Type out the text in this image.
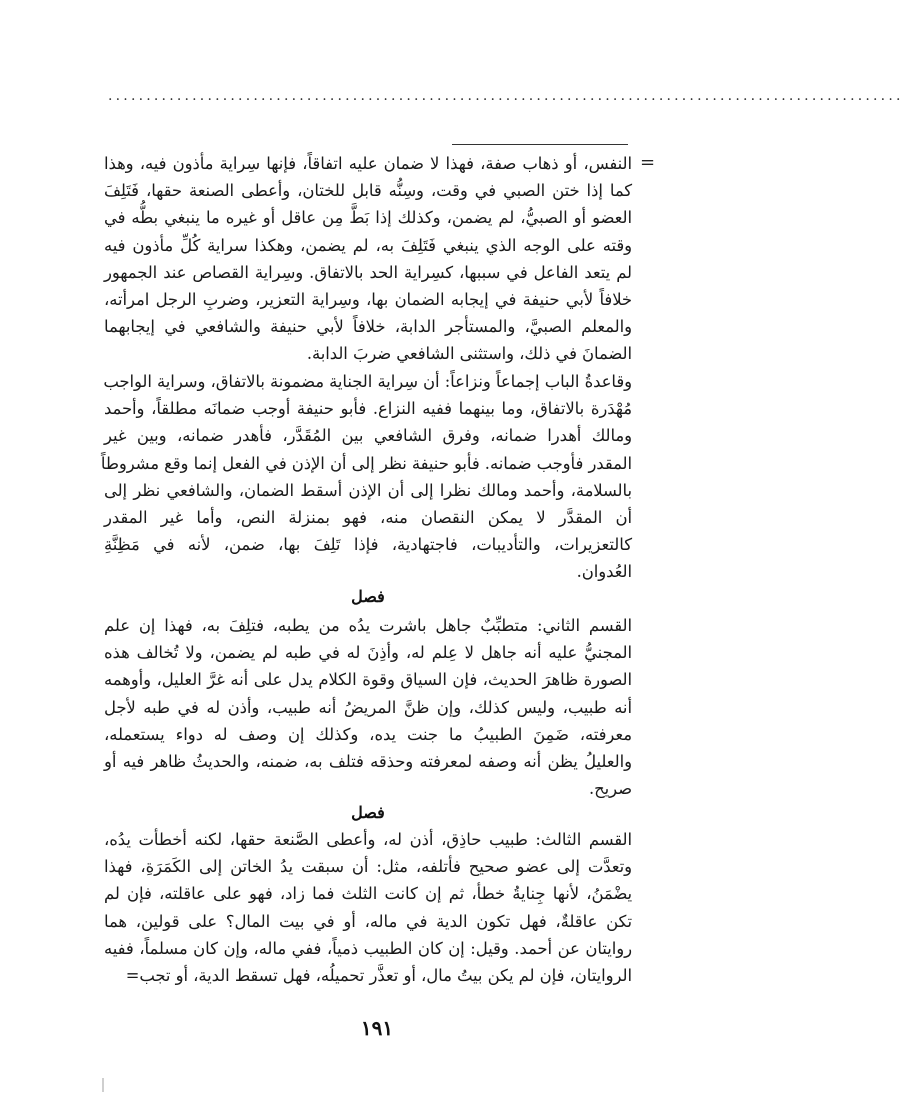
........................................................................................................
=
النفس، أو ذهاب صفة، فهذا لا ضمان عليه اتفاقاً، فإنها سِراية مأذون فيه، وهذا
كما إذا ختن الصبي في وقت، وسِنُّه قابل للختان، وأعطى الصنعة حقها، فَتَلِفَ
العضو أو الصبيُّ، لم يضمن، وكذلك إذا بَطَّ مِن عاقل أو غيره ما ينبغي بطُّه في
وقته على الوجه الذي ينبغي فَتَلِفَ به، لم يضمن، وهكذا سراية كُلِّ مأذون فيه
لم يتعد الفاعل في سببها، كسِراية الحد بالاتفاق. وسِراية القصاص عند الجمهور
خلافاً لأبي حنيفة في إيجابه الضمان بها، وسِراية التعزير، وضربِ الرجل امرأته،
والمعلم الصبيَّ، والمستأجر الدابة، خلافاً لأبي حنيفة والشافعي في إيجابهما
الضمانَ في ذلك، واستثنى الشافعي ضربَ الدابة.
وقاعدةُ الباب إجماعاً ونزاعاً: أن سِراية الجناية مضمونة بالاتفاق، وسراية الواجب
مُهْدَرة بالاتفاق، وما بينهما ففيه النزاع. فأبو حنيفة أوجب ضمانَه مطلقاً، وأحمد
ومالك أهدرا ضمانه، وفرق الشافعي بين المُقَدَّر، فأهدر ضمانه، وبين غير
المقدر فأوجب ضمانه. فأبو حنيفة نظر إلى أن الإذن في الفعل إنما وقع مشروطاً
بالسلامة، وأحمد ومالك نظرا إلى أن الإذن أسقط الضمان، والشافعي نظر إلى
أن المقدَّر لا يمكن النقصان منه، فهو بمنزلة النص، وأما غير المقدر
كالتعزيرات، والتأديبات، فاجتهادية، فإذا تَلِفَ بها، ضمن، لأنه في مَظِنَّةِ
العُدوان.
فصل
القسم الثاني: متطبِّبٌ جاهل باشرت يدُه من يطبه، فتلِفَ به، فهذا إن علم
المجنيُّ عليه أنه جاهل لا عِلم له، وأذِنَ له في طبه لم يضمن، ولا تُخالف هذه
الصورة ظاهرَ الحديث، فإن السياق وقوة الكلام يدل على أنه غرَّ العليل، وأوهمه
أنه طبيب، وليس كذلك، وإن ظنَّ المريضُ أنه طبيب، وأذن له في طبه لأجل
معرفته، ضَمِنَ الطبيبُ ما جنت يده، وكذلك إن وصف له دواء يستعمله،
والعليلُ يظن أنه وصفه لمعرفته وحذقه فتلف به، ضمنه، والحديثُ ظاهر فيه أو
صريح.
فصل
القسم الثالث: طبيب حاذِق، أذن له، وأعطى الصَّنعة حقها، لكنه أخطأت يدُه،
وتعدَّت إلى عضو صحيح فأتلفه، مثل: أن سبقت يدُ الخاتن إلى الكَمَرَةِ، فهذا
يضْمَنُ، لأنها جِنايةُ خطأ، ثم إن كانت الثلث فما زاد، فهو على عاقلته، فإن لم
تكن عاقلةٌ، فهل تكون الدية في ماله، أو في بيت المال؟ على قولين، هما
روايتان عن أحمد. وقيل: إن كان الطبيب ذمياً، ففي ماله، وإن كان مسلماً، ففيه
الروايتان، فإن لم يكن بيتُ مال، أو تعذَّر تحميلُه، فهل تسقط الدية، أو تجب=
١٩١
